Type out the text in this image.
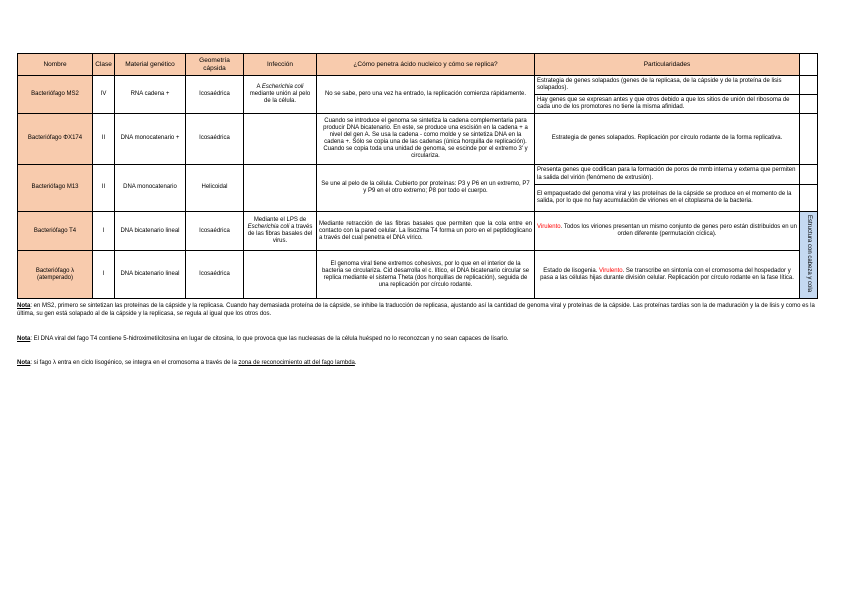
Nombre	Clase	Material genético	Geometría cápsida	Infección	¿Cómo penetra ácido nucleico y cómo se replica?	Particularidades	
Bacteriófago MS2	IV	RNA cadena +	Icosaédrica	A Escherichia coli mediante unión al pelo de la célula.	No se sabe, pero una vez ha entrado, la replicación comienza rápidamente.	Estrategia de genes solapados (genes de la replicasa, de la cápside y de la proteína de lisis solapados).	
						Hay genes que se expresan antes y que otros debido a que los sitios de unión del ribosoma de cada uno de los promotores no tiene la misma afinidad.	
Bacteriófago ΦX174	II	DNA monocatenario +	Icosaédrica		Cuando se introduce el genoma se sintetiza la cadena complementaria para producir DNA bicatenario. En este, se produce una escisión en la cadena + a nivel del gen A. Se usa la cadena - como molde y se sintetiza DNA en la cadena +. Sólo se copia una de las cadenas (única horquilla de replicación). Cuando se copia toda una unidad de genoma, se escinde por el extremo 3' y circulariza.	Estrategia de genes solapados. Replicación por círculo rodante de la forma replicativa.	
Bacteriófago M13	II	DNA monocatenario	Helicoidal		Se une al pelo de la célula. Cubierto por proteínas: P3 y P6 en un extremo, P7 y P9 en el otro extremo; P8 por todo el cuerpo.	Presenta genes que codifican para la formación de poros de mmb interna y externa que permiten la salida del virión (fenómeno de extrusión).	
						El empaquetado del genoma viral y las proteínas de la cápside se produce en el momento de la salida, por lo que no hay acumulación de viriones en el citoplasma de la bacteria.	
Bacteriófago T4	I	DNA bicatenario lineal	Icosaédrica	Mediante el LPS de Escherichia coli a través de las fibras basales del virus.	Mediante retracción de las fibras basales que permiten que la cola entre en contacto con la pared celular. La lisozima T4 forma un poro en el peptidoglicano a través del cual penetra el DNA vírico.	Virulento. Todos los viriones presentan un mismo conjunto de genes pero están distribuidos en un orden diferente (permutación cíclica).	Estructura con cabeza y cola
Bacteriófago λ (atemperado)	I	DNA bicatenario lineal	Icosaédrica		El genoma viral tiene extremos cohesivos, por lo que en el interior de la bacteria se circulariza. Cid desarrolla el c. lítico, el DNA bicatenario circular se replica mediante el sistema Theta (dos horquillas de replicación), seguida de una replicación por círculo rodante.	Estado de lisogenia. Virulento. Se transcribe en sintonía con el cromosoma del hospedador y pasa a las células hijas durante división celular. Replicación por círculo rodante en la fase lítica.	
Nota: en MS2, primero se sintetizan las proteínas de la cápside y la replicasa. Cuando hay demasiada proteína de la cápside, se inhibe la traducción de replicasa, ajustando así la cantidad de genoma viral y proteínas de la cápside. Las proteínas tardías son la de maduración y la de lisis y como es la última, su gen está solapado al de la cápside y la replicasa, se regula al igual que los otros dos.
Nota: El DNA viral del fago T4 contiene 5-hidroximetilcitosina en lugar de citosina, lo que provoca que las nucleasas de la célula huésped no lo reconozcan y no sean capaces de lisarlo.
Nota: si fago λ entra en ciclo lisogénico, se integra en el cromosoma a través de la zona de reconocimiento att del fago lambda.
